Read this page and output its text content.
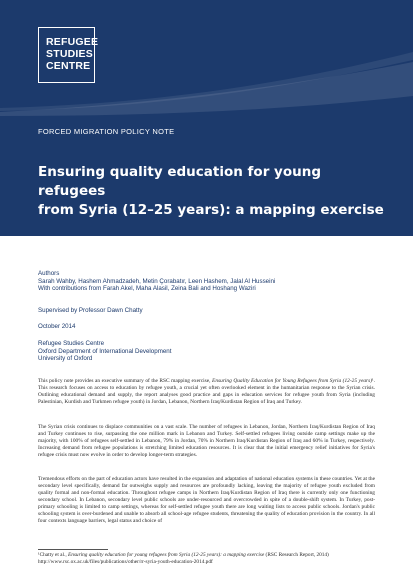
REFUGEE
STUDIES
CENTRE
FORCED MIGRATION POLICY NOTE
Ensuring quality education for young refugees
from Syria (12–25 years): a mapping exercise
Authors
Sarah Wahby, Hashem Ahmadzadeh, Metin Çorabatır, Leen Hashem, Jalal Al Husseini
With contributions from Farah Akel, Maha Alasil, Zeina Bali and Hoshang Waziri
Supervised by Professor Dawn Chatty
October 2014
Refugee Studies Centre
Oxford Department of International Development
University of Oxford
This policy note provides an executive summary of the RSC mapping exercise, Ensuring Quality Education for Young Refugees from Syria (12-25 years)¹. This research focuses on access to education by refugee youth, a crucial yet often overlooked element in the humanitarian response to the Syrian crisis. Outlining educational demand and supply, the report analyses good practice and gaps in education services for refugee youth from Syria (including Palestinian, Kurdish and Turkmen refugee youth) in Jordan, Lebanon, Northern Iraq/Kurdistan Region of Iraq and Turkey.
The Syrian crisis continues to displace communities on a vast scale. The number of refugees in Lebanon, Jordan, Northern Iraq/Kurdistan Region of Iraq and Turkey continues to rise, surpassing the one million mark in Lebanon and Turkey. Self-settled refugees living outside camp settings make up the majority, with 100% of refugees self-settled in Lebanon, 79% in Jordan, 70% in Northern Iraq/Kurdistan Region of Iraq and 60% in Turkey, respectively. Increasing demand from refugee populations is stretching limited education resources. It is clear that the initial emergency relief initiatives for Syria's refugee crisis must now evolve in order to develop longer-term strategies.
Tremendous efforts on the part of education actors have resulted in the expansion and adaptation of national education systems in these countries. Yet at the secondary level specifically, demand far outweighs supply and resources are profoundly lacking, leaving the majority of refugee youth excluded from quality formal and non-formal education. Throughout refugee camps in Northern Iraq/Kurdistan Region of Iraq there is currently only one functioning secondary school. In Lebanon, secondary level public schools are under-resourced and overcrowded in spite of a double-shift system. In Turkey, post-primary schooling is limited to camp settings, whereas for self-settled refugee youth there are long waiting lists to access public schools. Jordan's public schooling system is over-burdened and unable to absorb all school-age refugee students, threatening the quality of education provision in the country. In all four contexts language barriers, legal status and choice of
¹Chatty et al., Ensuring quality education for young refugees from Syria (12-25 years): a mapping exercise (RSC Research Report, 2014) http://www.rsc.ox.ac.uk/files/publications/other/rr-syria-youth-education-2014.pdf
